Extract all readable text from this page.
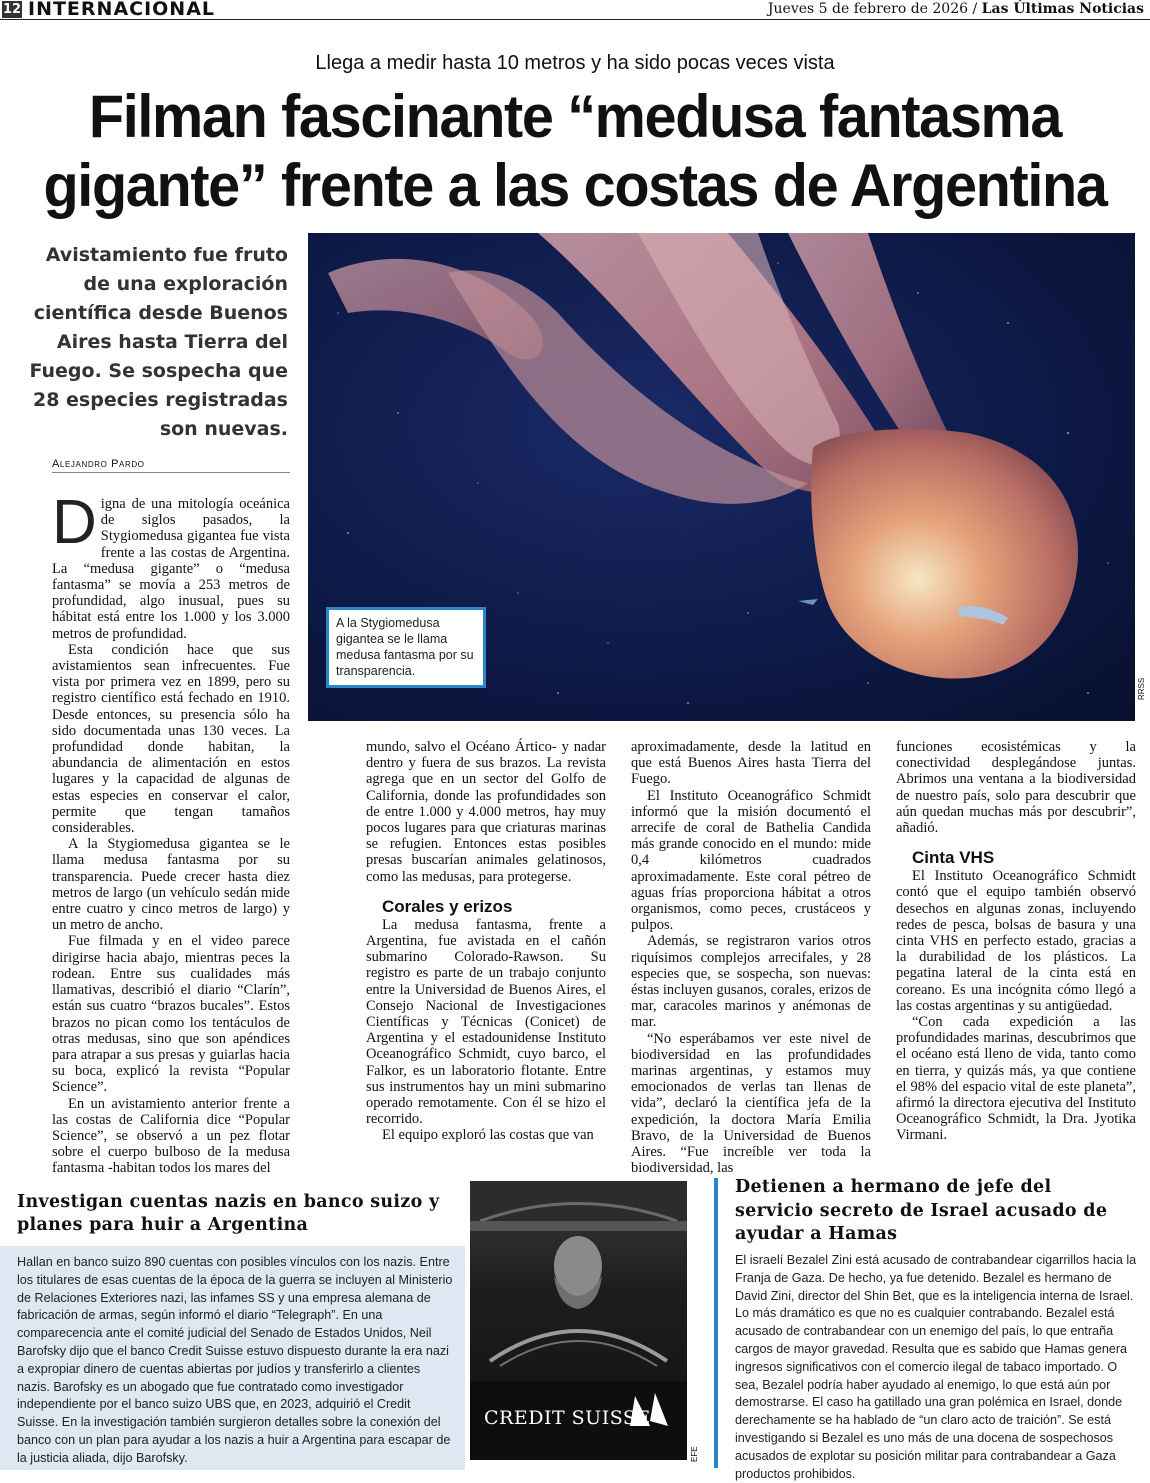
12 INTERNACIONAL	Jueves 5 de febrero de 2026 / Las Últimas Noticias
Llega a medir hasta 10 metros y ha sido pocas veces vista
Filman fascinante “medusa fantasma gigante” frente a las costas de Argentina
Avistamiento fue fruto de una exploración científica desde Buenos Aires hasta Tierra del Fuego. Se sospecha que 28 especies registradas son nuevas.
Alejandro Pardo
RRSS
A la Stygiomedusa gigantea se le llama medusa fantasma por su transparencia.

Digna de una mitología oceánica de siglos pasados, la Stygiomedusa gigantea fue vista frente a las costas de Argentina. La “medusa gigante” o “medusa fantasma” se movía a 253 metros de profundidad, algo inusual, pues su hábitat está entre los 1.000 y los 3.000 metros de profundidad.

Esta condición hace que sus avistamientos sean infrecuentes. Fue vista por primera vez en 1899, pero su registro científico está fechado en 1910. Desde entonces, su presencia sólo ha sido documentada unas 130 veces. La profundidad donde habitan, la abundancia de alimentación en estos lugares y la capacidad de algunas de estas especies en conservar el calor, permite que tengan tamaños considerables.

A la Stygiomedusa gigantea se le llama medusa fantasma por su transparencia. Puede crecer hasta diez metros de largo (un vehículo sedán mide entre cuatro y cinco metros de largo) y un metro de ancho.

Fue filmada y en el video parece dirigirse hacia abajo, mientras peces la rodean. Entre sus cualidades más llamativas, describió el diario “Clarín”, están sus cuatro “brazos bucales”. Estos brazos no pican como los tentáculos de otras medusas, sino que son apéndices para atrapar a sus presas y guiarlas hacia su boca, explicó la revista “Popular Science”.

En un avistamiento anterior frente a las costas de California dice “Popular Science”, se observó a un pez flotar sobre el cuerpo bulboso de la medusa fantasma -habitan todos los mares del

mundo, salvo el Océano Ártico- y nadar dentro y fuera de sus brazos. La revista agrega que en un sector del Golfo de California, donde las profundidades son de entre 1.000 y 4.000 metros, hay muy pocos lugares para que criaturas marinas se refugien. Entonces estas posibles presas buscarían animales gelatinosos, como las medusas, para protegerse.

Corales y erizos

La medusa fantasma, frente a Argentina, fue avistada en el cañón submarino Colorado-Rawson. Su registro es parte de un trabajo conjunto entre la Universidad de Buenos Aires, el Consejo Nacional de Investigaciones Científicas y Técnicas (Conicet) de Argentina y el estadounidense Instituto Oceanográfico Schmidt, cuyo barco, el Falkor, es un laboratorio flotante. Entre sus instrumentos hay un mini submarino operado remotamente. Con él se hizo el recorrido.

El equipo exploró las costas que van

aproximadamente, desde la latitud en que está Buenos Aires hasta Tierra del Fuego.

El Instituto Oceanográfico Schmidt informó que la misión documentó el arrecife de coral de Bathelia Candida más grande conocido en el mundo: mide 0,4 kilómetros cuadrados aproximadamente. Este coral pétreo de aguas frías proporciona hábitat a otros organismos, como peces, crustáceos y pulpos.

Además, se registraron varios otros riquísimos complejos arrecifales, y 28 especies que, se sospecha, son nuevas: éstas incluyen gusanos, corales, erizos de mar, caracoles marinos y anémonas de mar.

“No esperábamos ver este nivel de biodiversidad en las profundidades marinas argentinas, y estamos muy emocionados de verlas tan llenas de vida”, declaró la científica jefa de la expedición, la doctora María Emilia Bravo, de la Universidad de Buenos Aires. “Fue increíble ver toda la biodiversidad, las

funciones ecosistémicas y la conectividad desplegándose juntas. Abrimos una ventana a la biodiversidad de nuestro país, solo para descubrir que aún quedan muchas más por descubrir”, añadió.

Cinta VHS

El Instituto Oceanográfico Schmidt contó que el equipo también observó desechos en algunas zonas, incluyendo redes de pesca, bolsas de basura y una cinta VHS en perfecto estado, gracias a la durabilidad de los plásticos. La pegatina lateral de la cinta está en coreano. Es una incógnita cómo llegó a las costas argentinas y su antigüedad.

“Con cada expedición a las profundidades marinas, descubrimos que el océano está lleno de vida, tanto como en tierra, y quizás más, ya que contiene el 98% del espacio vital de este planeta”, afirmó la directora ejecutiva del Instituto Oceanográfico Schmidt, la Dra. Jyotika Virmani.

Investigan cuentas nazis en banco suizo y planes para huir a Argentina
Hallan en banco suizo 890 cuentas con posibles vínculos con los nazis. Entre los titulares de esas cuentas de la época de la guerra se incluyen al Ministerio de Relaciones Exteriores nazi, las infames SS y una empresa alemana de fabricación de armas, según informó el diario “Telegraph”. En una comparecencia ante el comité judicial del Senado de Estados Unidos, Neil Barofsky dijo que el banco Credit Suisse estuvo dispuesto durante la era nazi a expropiar dinero de cuentas abiertas por judíos y transferirlo a clientes nazis. Barofsky es un abogado que fue contratado como investigador independiente por el banco suizo UBS que, en 2023, adquirió el Credit Suisse. En la investigación también surgieron detalles sobre la conexión del banco con un plan para ayudar a los nazis a huir a Argentina para escapar de la justicia aliada, dijo Barofsky.
CREDIT SUISSE
EFE
Detienen a hermano de jefe del servicio secreto de Israel acusado de ayudar a Hamas
El israelí Bezalel Zini está acusado de contrabandear cigarrillos hacia la Franja de Gaza. De hecho, ya fue detenido. Bezalel es hermano de David Zini, director del Shin Bet, que es la inteligencia interna de Israel. Lo más dramático es que no es cualquier contrabando. Bezalel está acusado de contrabandear con un enemigo del país, lo que entraña cargos de mayor gravedad. Resulta que es sabido que Hamas genera ingresos significativos con el comercio ilegal de tabaco importado. O sea, Bezalel podría haber ayudado al enemigo, lo que está aún por demostrarse. El caso ha gatillado una gran polémica en Israel, donde derechamente se ha hablado de “un claro acto de traición”. Se está investigando si Bezalel es uno más de una docena de sospechosos acusados de explotar su posición militar para contrabandear a Gaza productos prohibidos.
